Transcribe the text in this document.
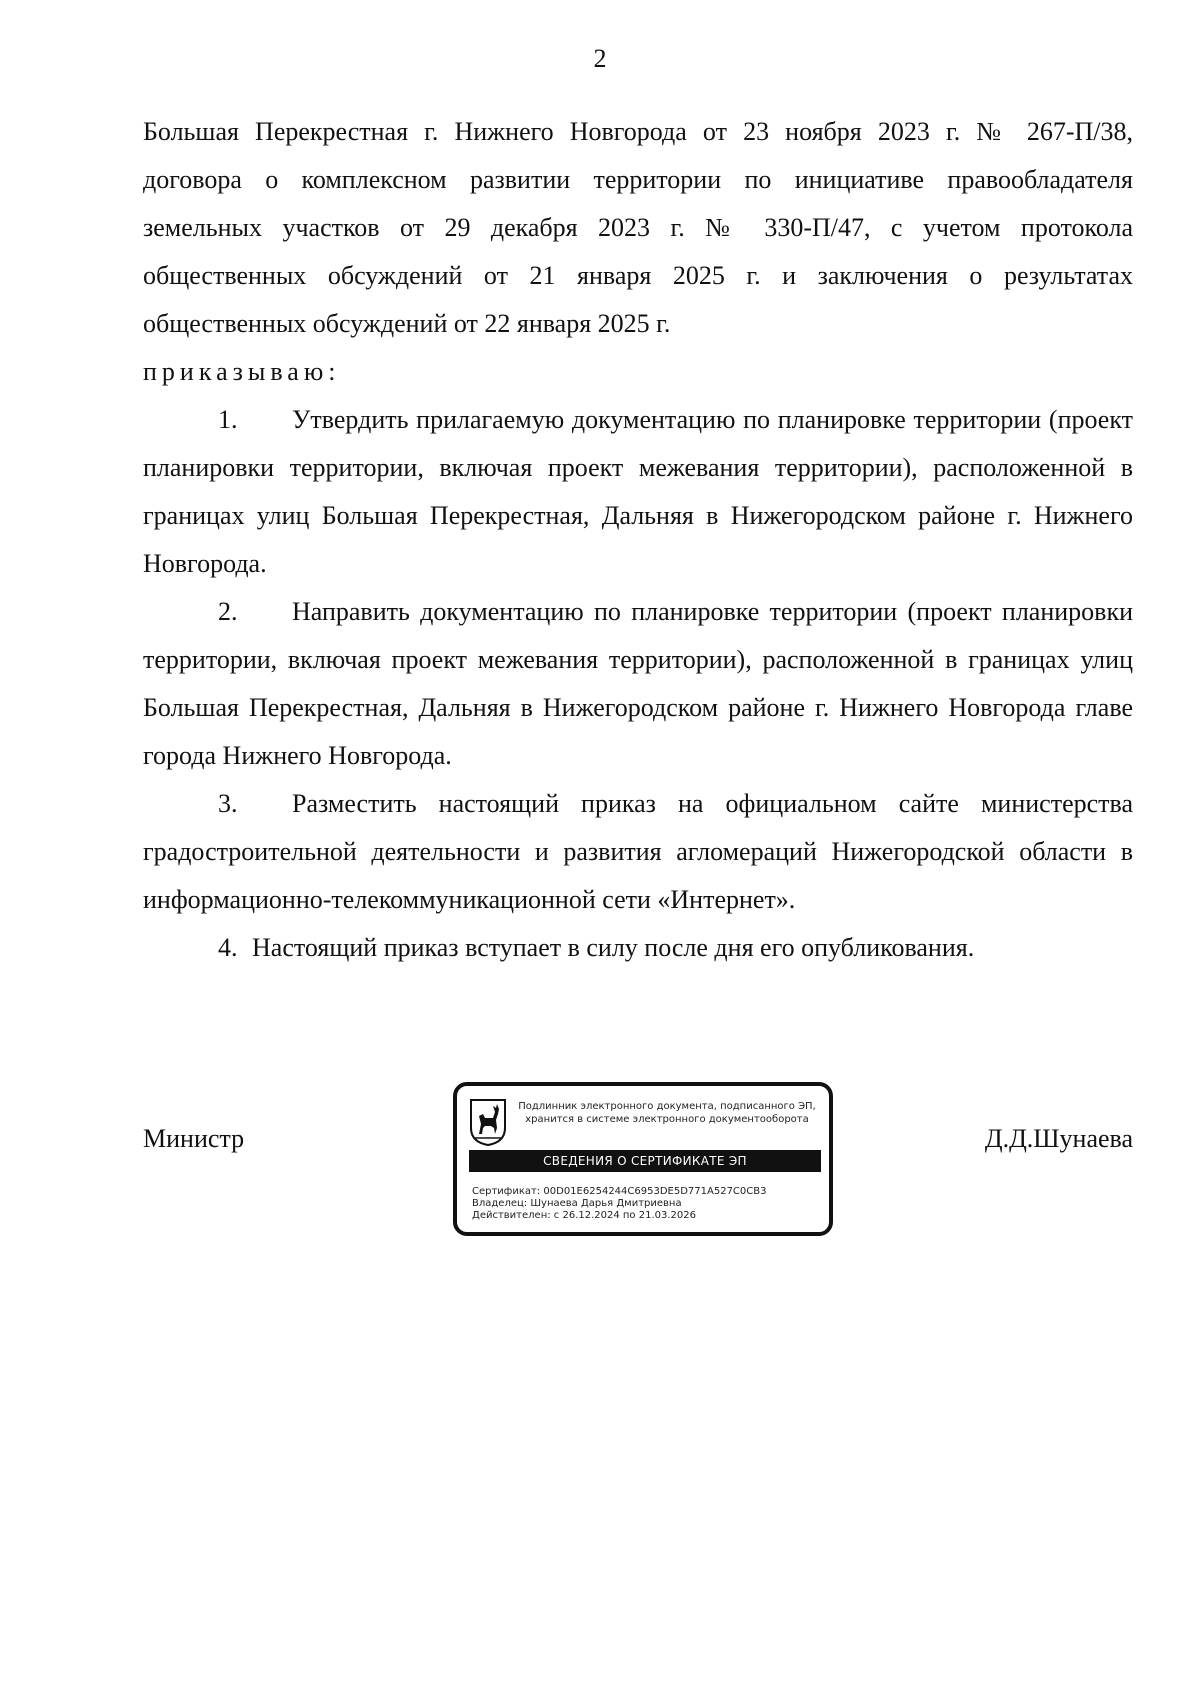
2
Большая Перекрестная г. Нижнего Новгорода от 23 ноября 2023 г. № 267-П/38,
договора о комплексном развитии территории по инициативе правообладателя
земельных участков от 29 декабря 2023 г. № 330-П/47, с учетом протокола
общественных обсуждений от 21 января 2025 г. и заключения о результатах
общественных обсуждений от 22 января 2025 г.
приказываю:
1. Утвердить прилагаемую документацию по планировке территории (проект планировки территории, включая проект межевания территории), расположенной в границах улиц Большая Перекрестная, Дальняя в Нижегородском районе г. Нижнего Новгорода.
2. Направить документацию по планировке территории (проект планировки территории, включая проект межевания территории), расположенной в границах улиц Большая Перекрестная, Дальняя в Нижегородском районе г. Нижнего Новгорода главе города Нижнего Новгорода.
3. Разместить настоящий приказ на официальном сайте министерства градостроительной деятельности и развития агломераций Нижегородской области в информационно-телекоммуникационной сети «Интернет».
4. Настоящий приказ вступает в силу после дня его опубликования.
Министр
Подлинник электронного документа, подписанного ЭП,
хранится в системе электронного документооборота
СВЕДЕНИЯ О СЕРТИФИКАТЕ ЭП
Сертификат: 00D01E6254244C6953DE5D771A527C0CB3
Владелец: Шунаева Дарья Дмитриевна
Действителен: с 26.12.2024 по 21.03.2026
Д.Д.Шунаева
